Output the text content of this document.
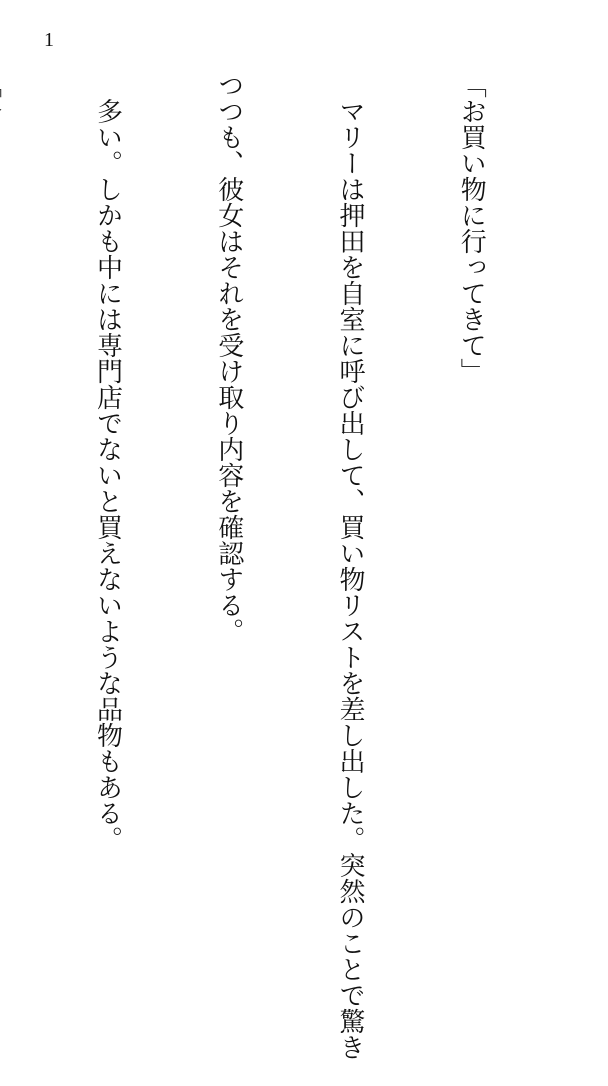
1

「お買い物に行ってきて」

　マリーは押田を自室に呼び出して、買い物リストを差し出した。突然のことで驚き

つつも、彼女はそれを受け取り内容を確認する。

　多い。しかも中には専門店でないと買えないような品物もある。
